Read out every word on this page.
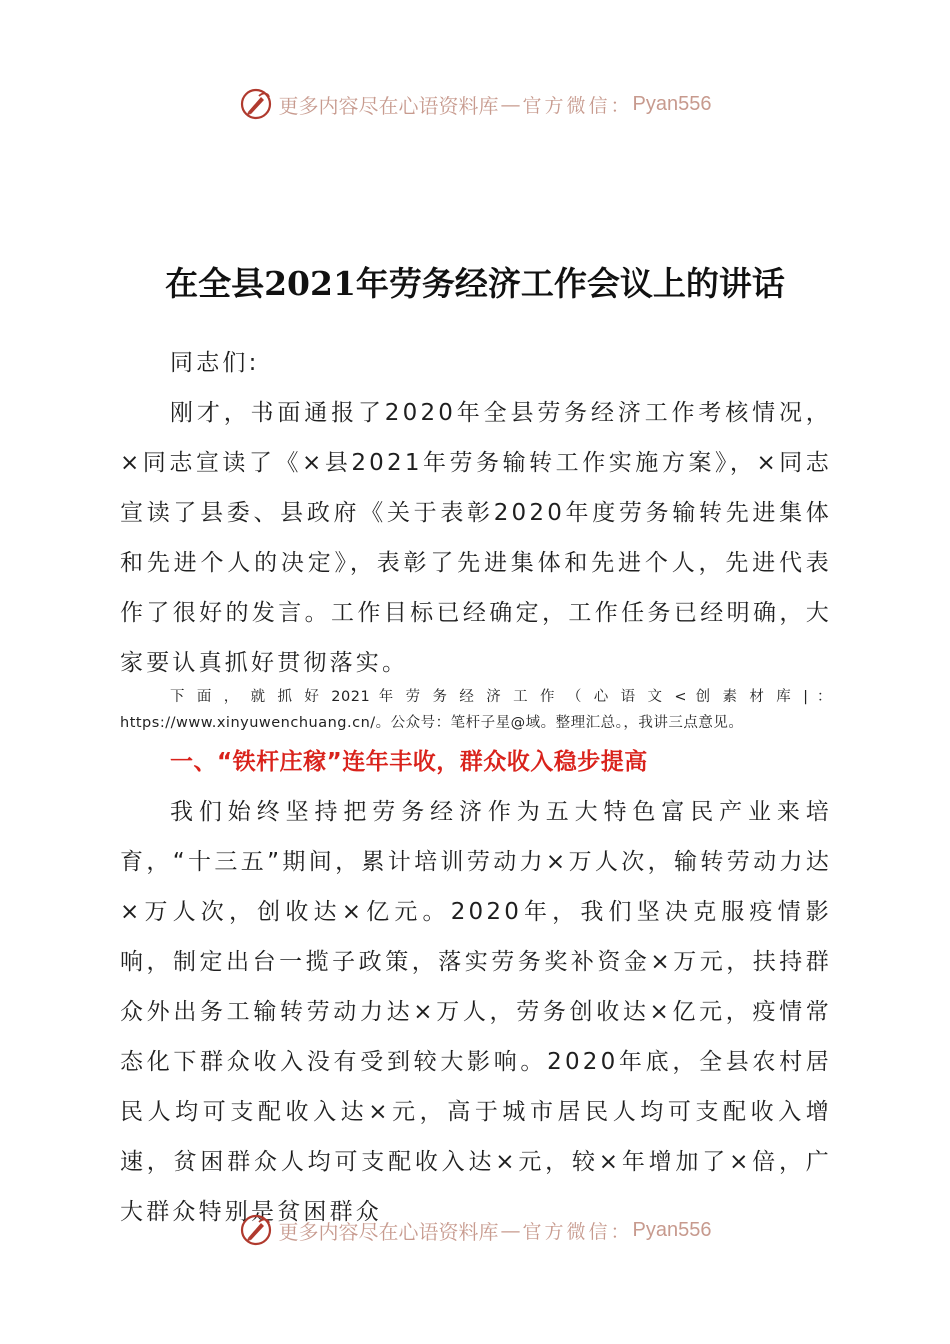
更多内容尽在心语资料库 — 官方微信： Pyan556
在全县2021年劳务经济工作会议上的讲话
同志们:
刚才，书面通报了2020年全县劳务经济工作考核情况，×同志宣读了《×县2021年劳务输转工作实施方案》，×同志宣读了县委、县政府《关于表彰2020年度劳务输转先进集体和先进个人的决定》，表彰了先进集体和先进个人，先进代表作了很好的发言。工作目标已经确定，工作任务已经明确，大家要认真抓好贯彻落实。
下 面 ， 就 抓 好 2021 年 劳 务 经 济 工 作 （ 心 语 文 < 创 素 材 库 | ： https://www.xinyuwenchuang.cn/。公众号：笔杆子星@域。整理汇总。，我讲三点意见。
一、“铁杆庄稼”连年丰收，群众收入稳步提高
我们始终坚持把劳务经济作为五大特色富民产业来培育，“十三五”期间，累计培训劳动力×万人次，输转劳动力达×万人次，创收达×亿元。2020年，我们坚决克服疫情影响，制定出台一揽子政策，落实劳务奖补资金×万元，扶持群众外出务工输转劳动力达×万人，劳务创收达×亿元，疫情常态化下群众收入没有受到较大影响。2020年底，全县农村居民人均可支配收入达×元，高于城市居民人均可支配收入增速，贫困群众人均可支配收入达×元，较×年增加了×倍，广大群众特别是贫困群众
更多内容尽在心语资料库 — 官方微信： Pyan556
